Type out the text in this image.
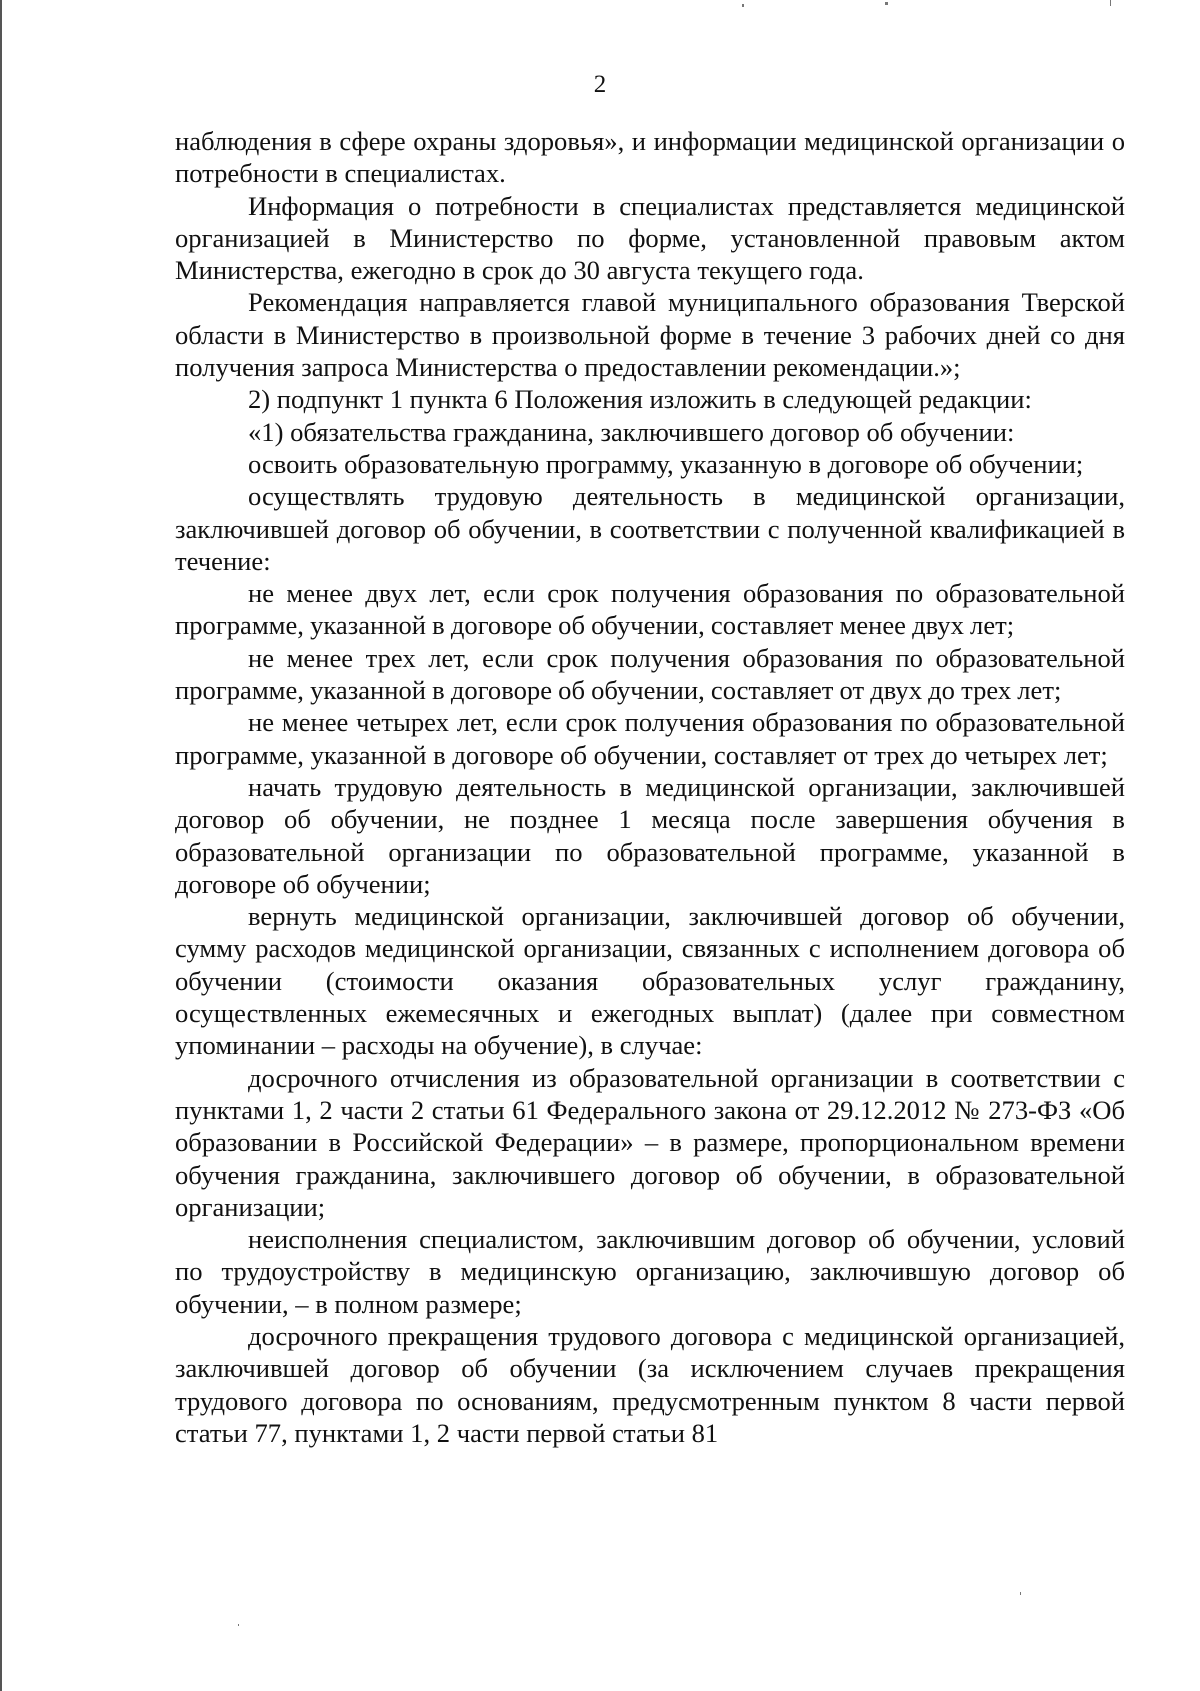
2

наблюдения в сфере охраны здоровья», и информации медицинской организации о потребности в специалистах.

Информация о потребности в специалистах представляется медицинской организацией в Министерство по форме, установленной правовым актом Министерства, ежегодно в срок до 30 августа текущего года.

Рекомендация направляется главой муниципального образования Тверской области в Министерство в произвольной форме в течение 3 рабочих дней со дня получения запроса Министерства о предоставлении рекомендации.»;

2) подпункт 1 пункта 6 Положения изложить в следующей редакции:

«1) обязательства гражданина, заключившего договор об обучении:

освоить образовательную программу, указанную в договоре об обучении;

осуществлять трудовую деятельность в медицинской организации, заключившей договор об обучении, в соответствии с полученной квалификацией в течение:

не менее двух лет, если срок получения образования по образовательной программе, указанной в договоре об обучении, составляет менее двух лет;

не менее трех лет, если срок получения образования по образовательной программе, указанной в договоре об обучении, составляет от двух до трех лет;

не менее четырех лет, если срок получения образования по образовательной программе, указанной в договоре об обучении, составляет от трех до четырех лет;

начать трудовую деятельность в медицинской организации, заключившей договор об обучении, не позднее 1 месяца после завершения обучения в образовательной организации по образовательной программе, указанной в договоре об обучении;

вернуть медицинской организации, заключившей договор об обучении, сумму расходов медицинской организации, связанных с исполнением договора об обучении (стоимости оказания образовательных услуг гражданину, осуществленных ежемесячных и ежегодных выплат) (далее при совместном упоминании – расходы на обучение), в случае:

досрочного отчисления из образовательной организации в соответствии с пунктами 1, 2 части 2 статьи 61 Федерального закона от 29.12.2012 № 273-ФЗ «Об образовании в Российской Федерации» – в размере, пропорциональном времени обучения гражданина, заключившего договор об обучении, в образовательной организации;

неисполнения специалистом, заключившим договор об обучении, условий по трудоустройству в медицинскую организацию, заключившую договор об обучении, – в полном размере;

досрочного прекращения трудового договора с медицинской организацией, заключившей договор об обучении (за исключением случаев прекращения трудового договора по основаниям, предусмотренным пунктом 8 части первой статьи 77, пунктами 1, 2 части первой статьи 81
